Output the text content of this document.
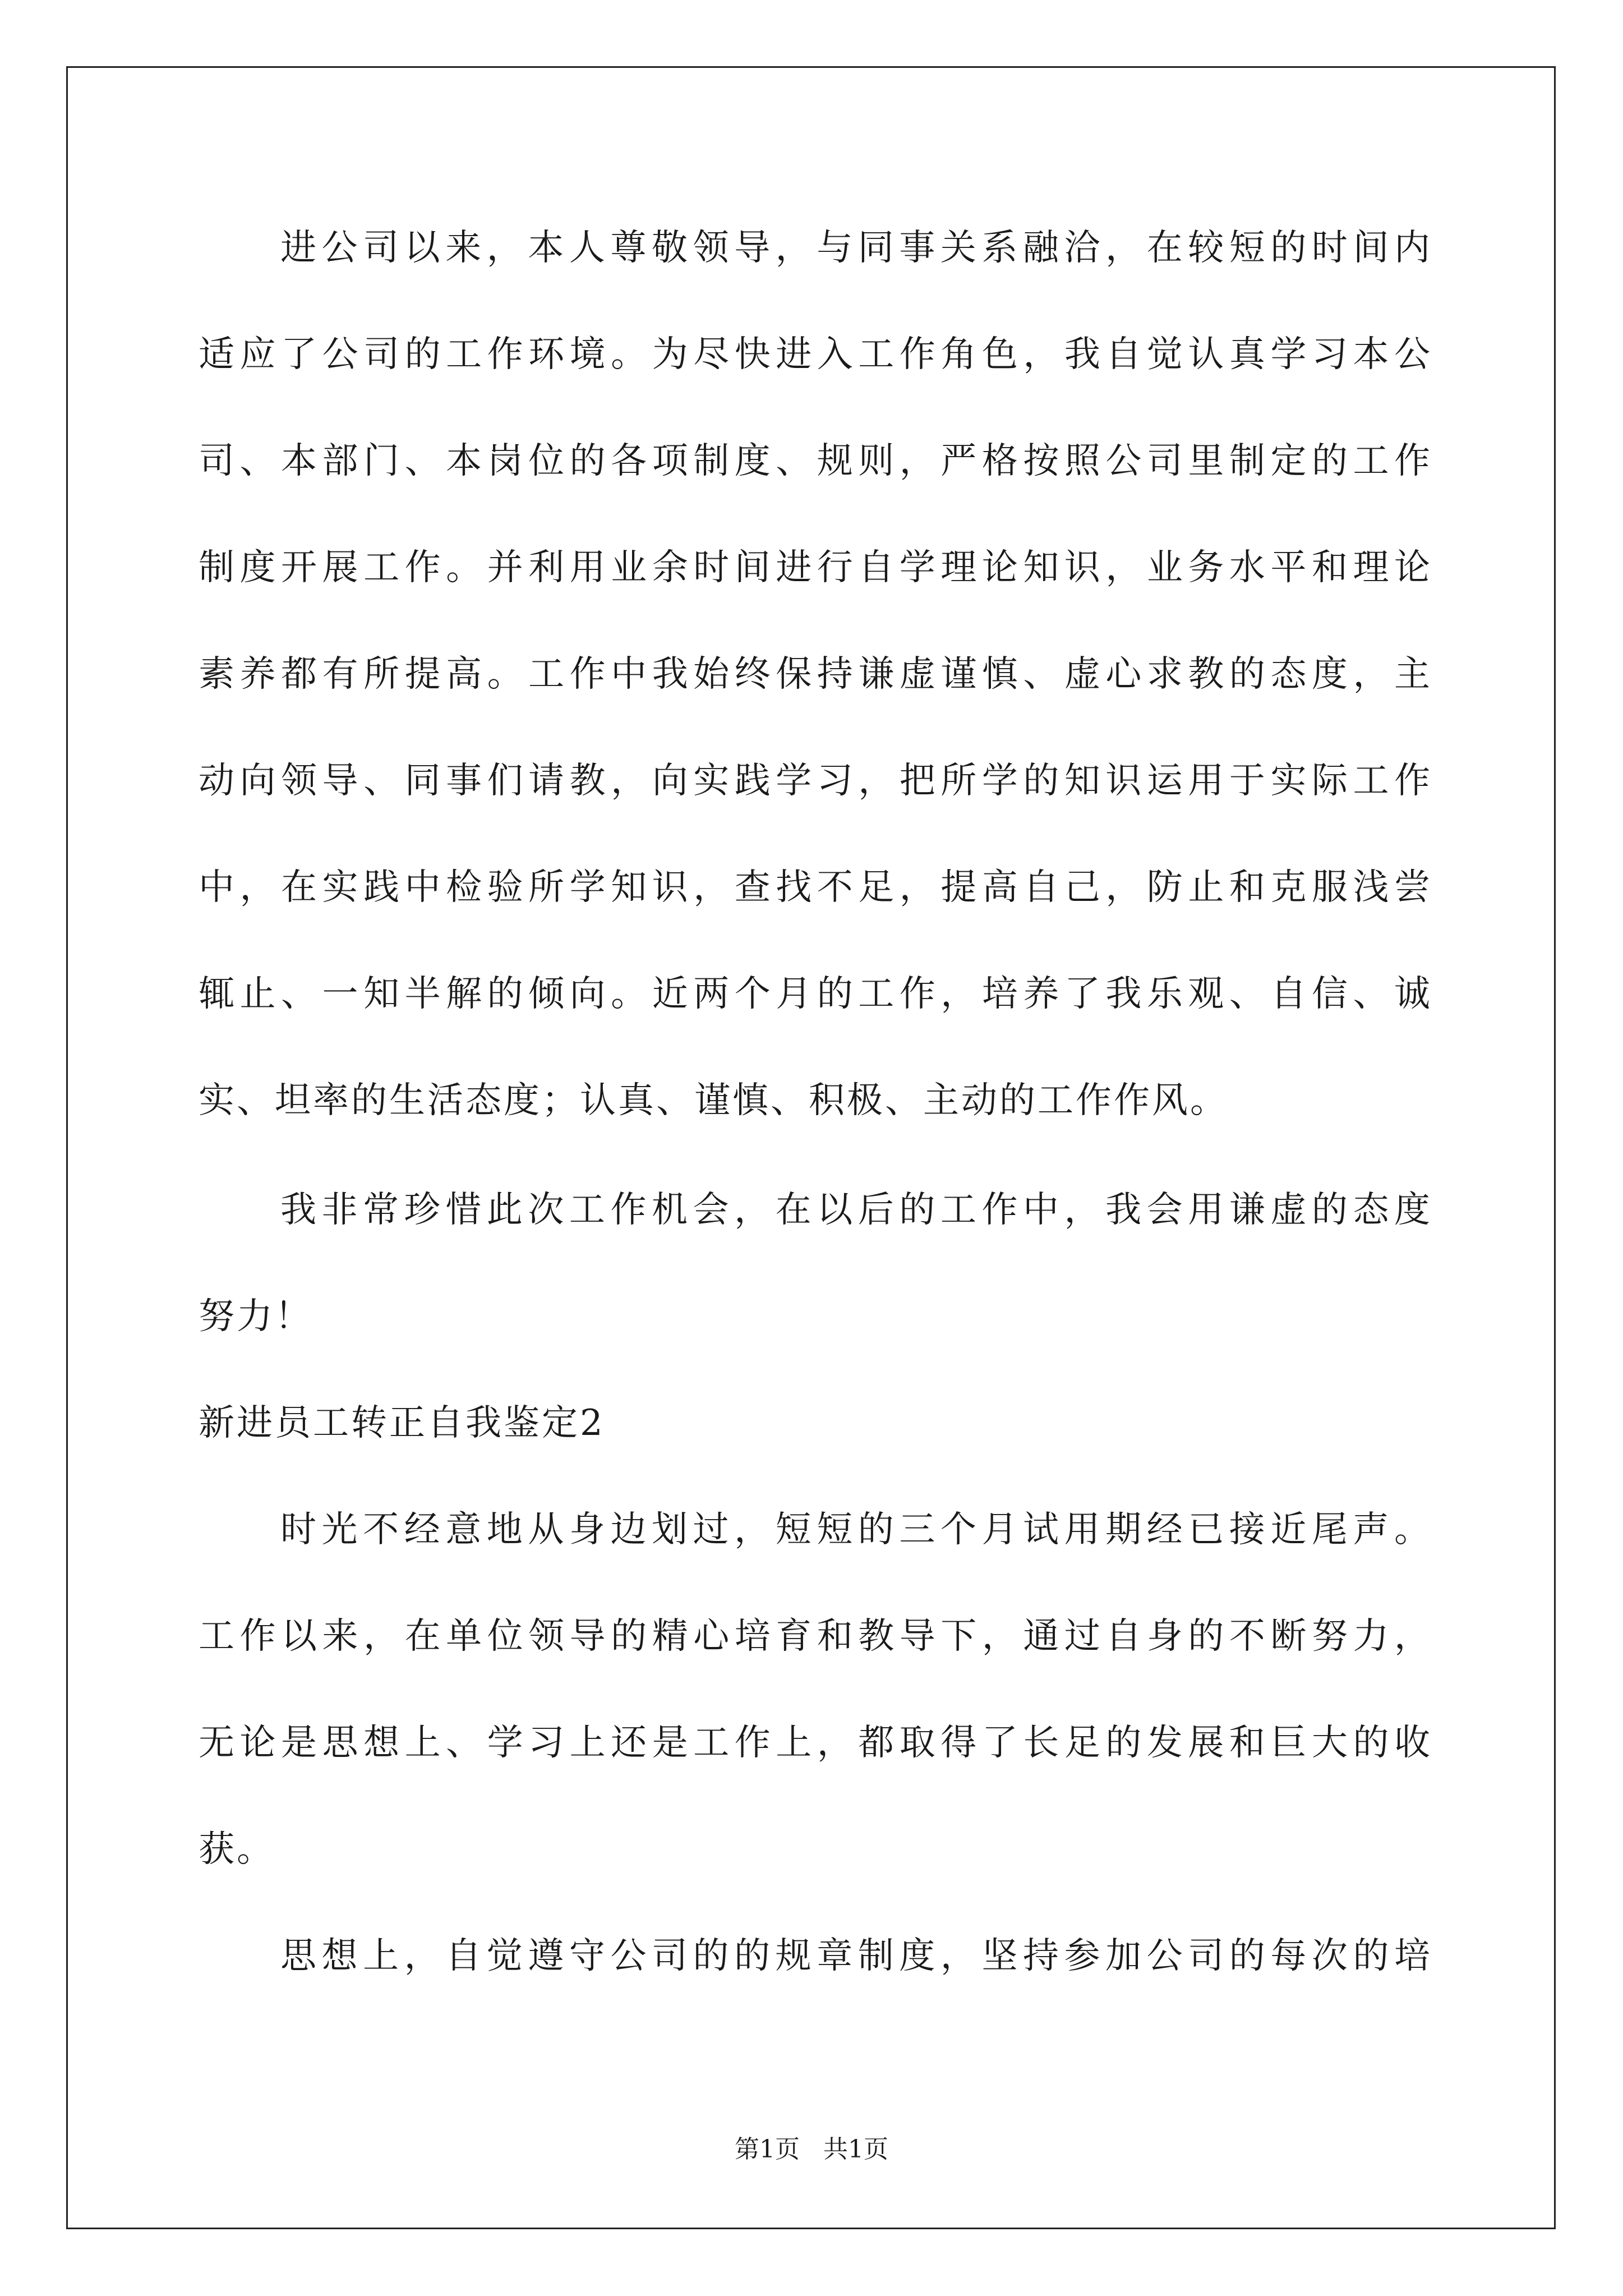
进公司以来，本人尊敬领导，与同事关系融洽，在较短的时间内
适应了公司的工作环境。为尽快进入工作角色，我自觉认真学习本公
司、本部门、本岗位的各项制度、规则，严格按照公司里制定的工作
制度开展工作。并利用业余时间进行自学理论知识，业务水平和理论
素养都有所提高。工作中我始终保持谦虚谨慎、虚心求教的态度，主
动向领导、同事们请教，向实践学习，把所学的知识运用于实际工作
中，在实践中检验所学知识，查找不足，提高自己，防止和克服浅尝
辄止、一知半解的倾向。近两个月的工作，培养了我乐观、自信、诚
实、坦率的生活态度；认真、谨慎、积极、主动的工作作风。
我非常珍惜此次工作机会，在以后的工作中，我会用谦虚的态度
努力！
新进员工转正自我鉴定2
时光不经意地从身边划过，短短的三个月试用期经已接近尾声。
工作以来，在单位领导的精心培育和教导下，通过自身的不断努力，
无论是思想上、学习上还是工作上，都取得了长足的发展和巨大的收
获。
思想上，自觉遵守公司的的规章制度，坚持参加公司的每次的培
第1页   共1页
